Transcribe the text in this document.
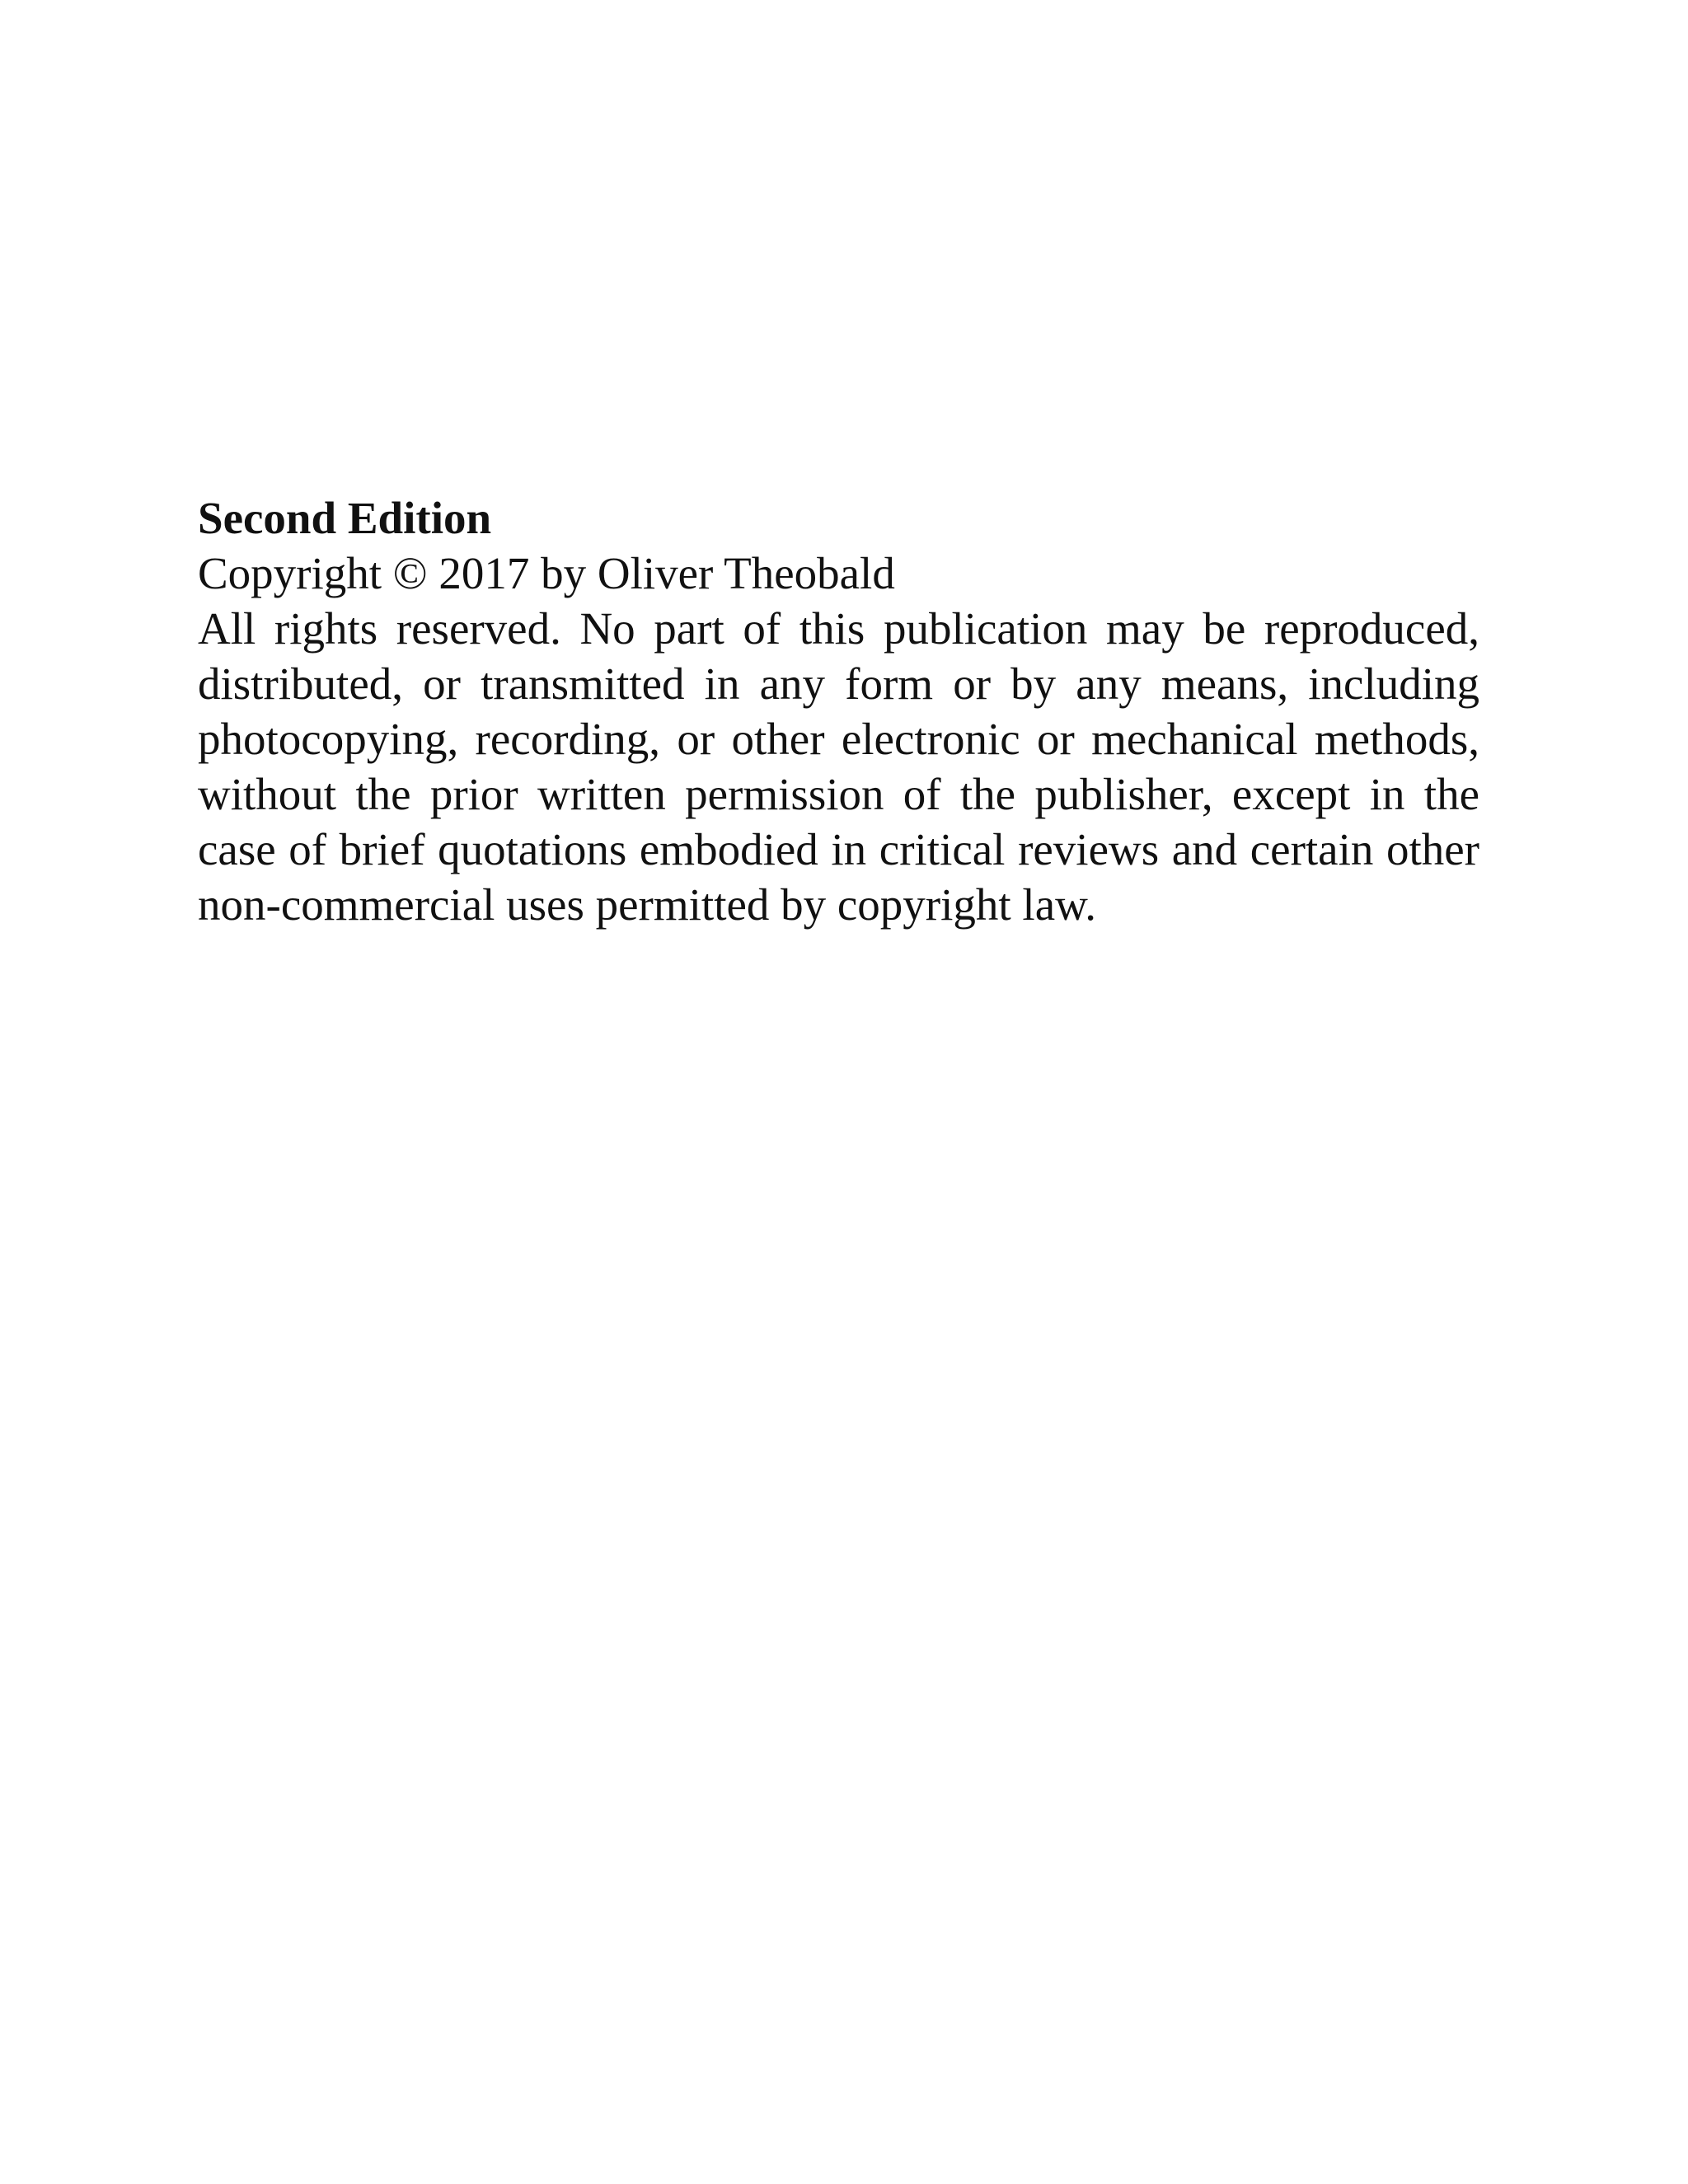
Second Edition

Copyright © 2017 by Oliver Theobald

All rights reserved. No part of this publication may be reproduced, distributed, or transmitted in any form or by any means, including photocopying, recording, or other electronic or mechanical methods, without the prior written permission of the publisher, except in the case of brief quotations embodied in critical reviews and certain other non-commercial uses permitted by copyright law.
